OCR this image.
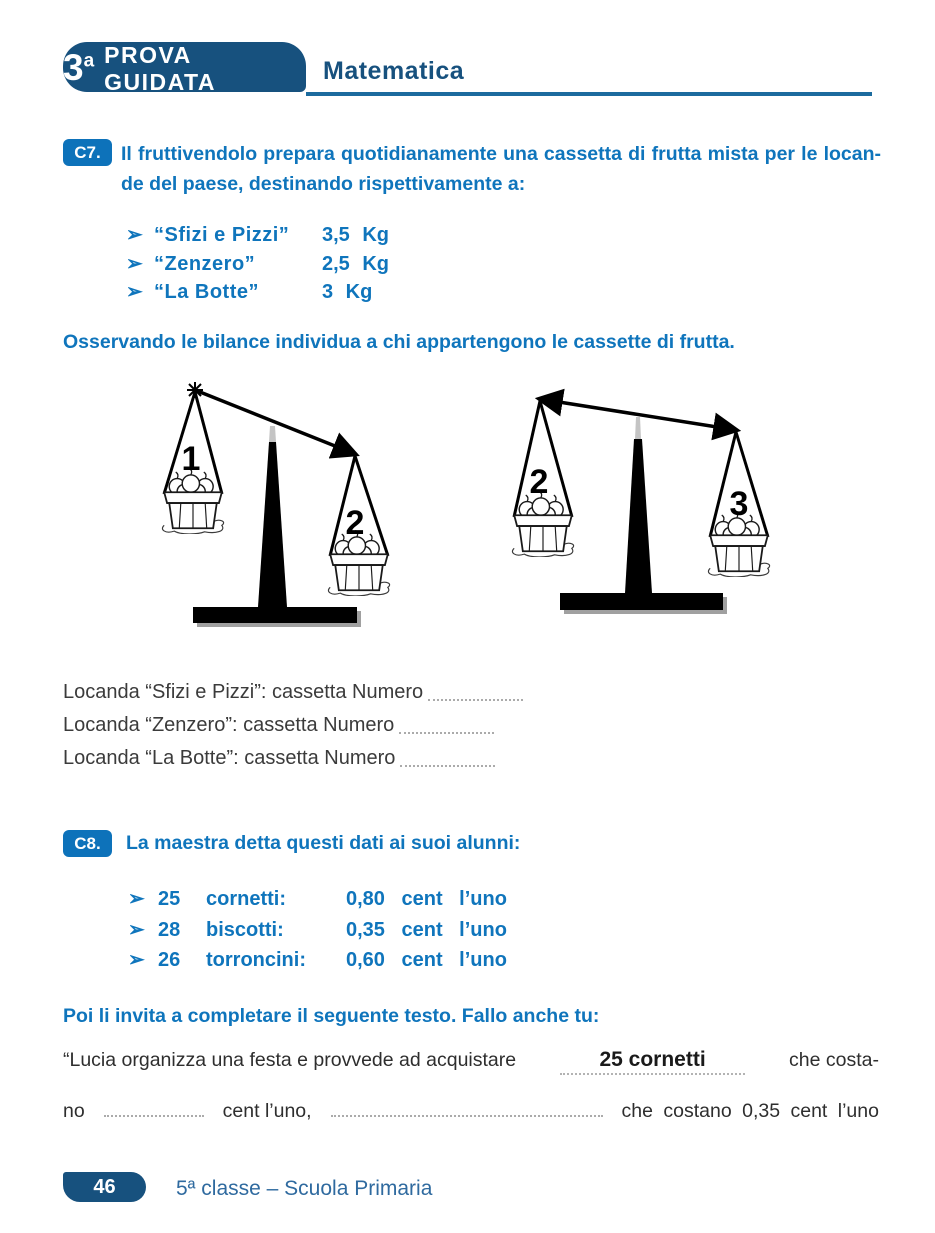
3$^a$ PROVA GUIDATA	Matematica
C7.	Il fruttivendolo prepara quotidianamente una cassetta di frutta mista per le locan-
de del paese, destinando rispettivamente a:
➢ “Sfizi e Pizzi”	3,5 Kg
➢ “Zenzero”	2,5 Kg
➢ “La Botte”	3 Kg
Osservando le bilance individua a chi appartengono le cassette di frutta.
1
2
2
3
Locanda “Sfizi e Pizzi”: cassetta Numero
Locanda “Zenzero”: cassetta Numero
Locanda “La Botte”: cassetta Numero
C8.	La maestra detta questi dati ai suoi alunni:
➢ 25	cornetti:	0,80 cent l’uno
➢ 28	biscotti:	0,35 cent l’uno
➢ 26	torroncini:	0,60 cent l’uno
Poi li invita a completare il seguente testo. Fallo anche tu:
“Lucia organizza una festa e provvede ad acquistare	25 cornetti	che costa-
no	cent l’uno,	che costano 0,35 cent l’uno
46	5ª classe – Scuola Primaria
